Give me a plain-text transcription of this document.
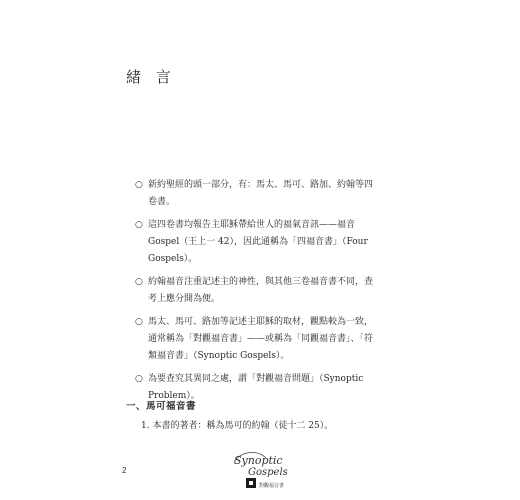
緒 言
○ 新約聖經的頭一部分，有：馬太、馬可、路加、約翰等四
卷書。
○ 這四卷書均報告主耶穌帶給世人的福氣音訊——福音
Gospel（王上一 42），因此通稱為「四福音書」（Four
Gospels）。
○ 約翰福音注重記述主的神性，與其他三卷福音書不同，查
考上應分開為便。
○ 馬太、馬可、路加等記述主耶穌的取材，觀點較為一致，
通常稱為「對觀福音書」——或稱為「同觀福音書」、「符
類福音書」（Synoptic Gospels）。
○ 為要查究其異同之處，謂「對觀福音問題」（Synoptic
Problem）。
一、馬可福音書
1. 本書的著者：稱為馬可的約翰（徒十二 25）。
2
Synoptic
Gospels
對觀福音書
